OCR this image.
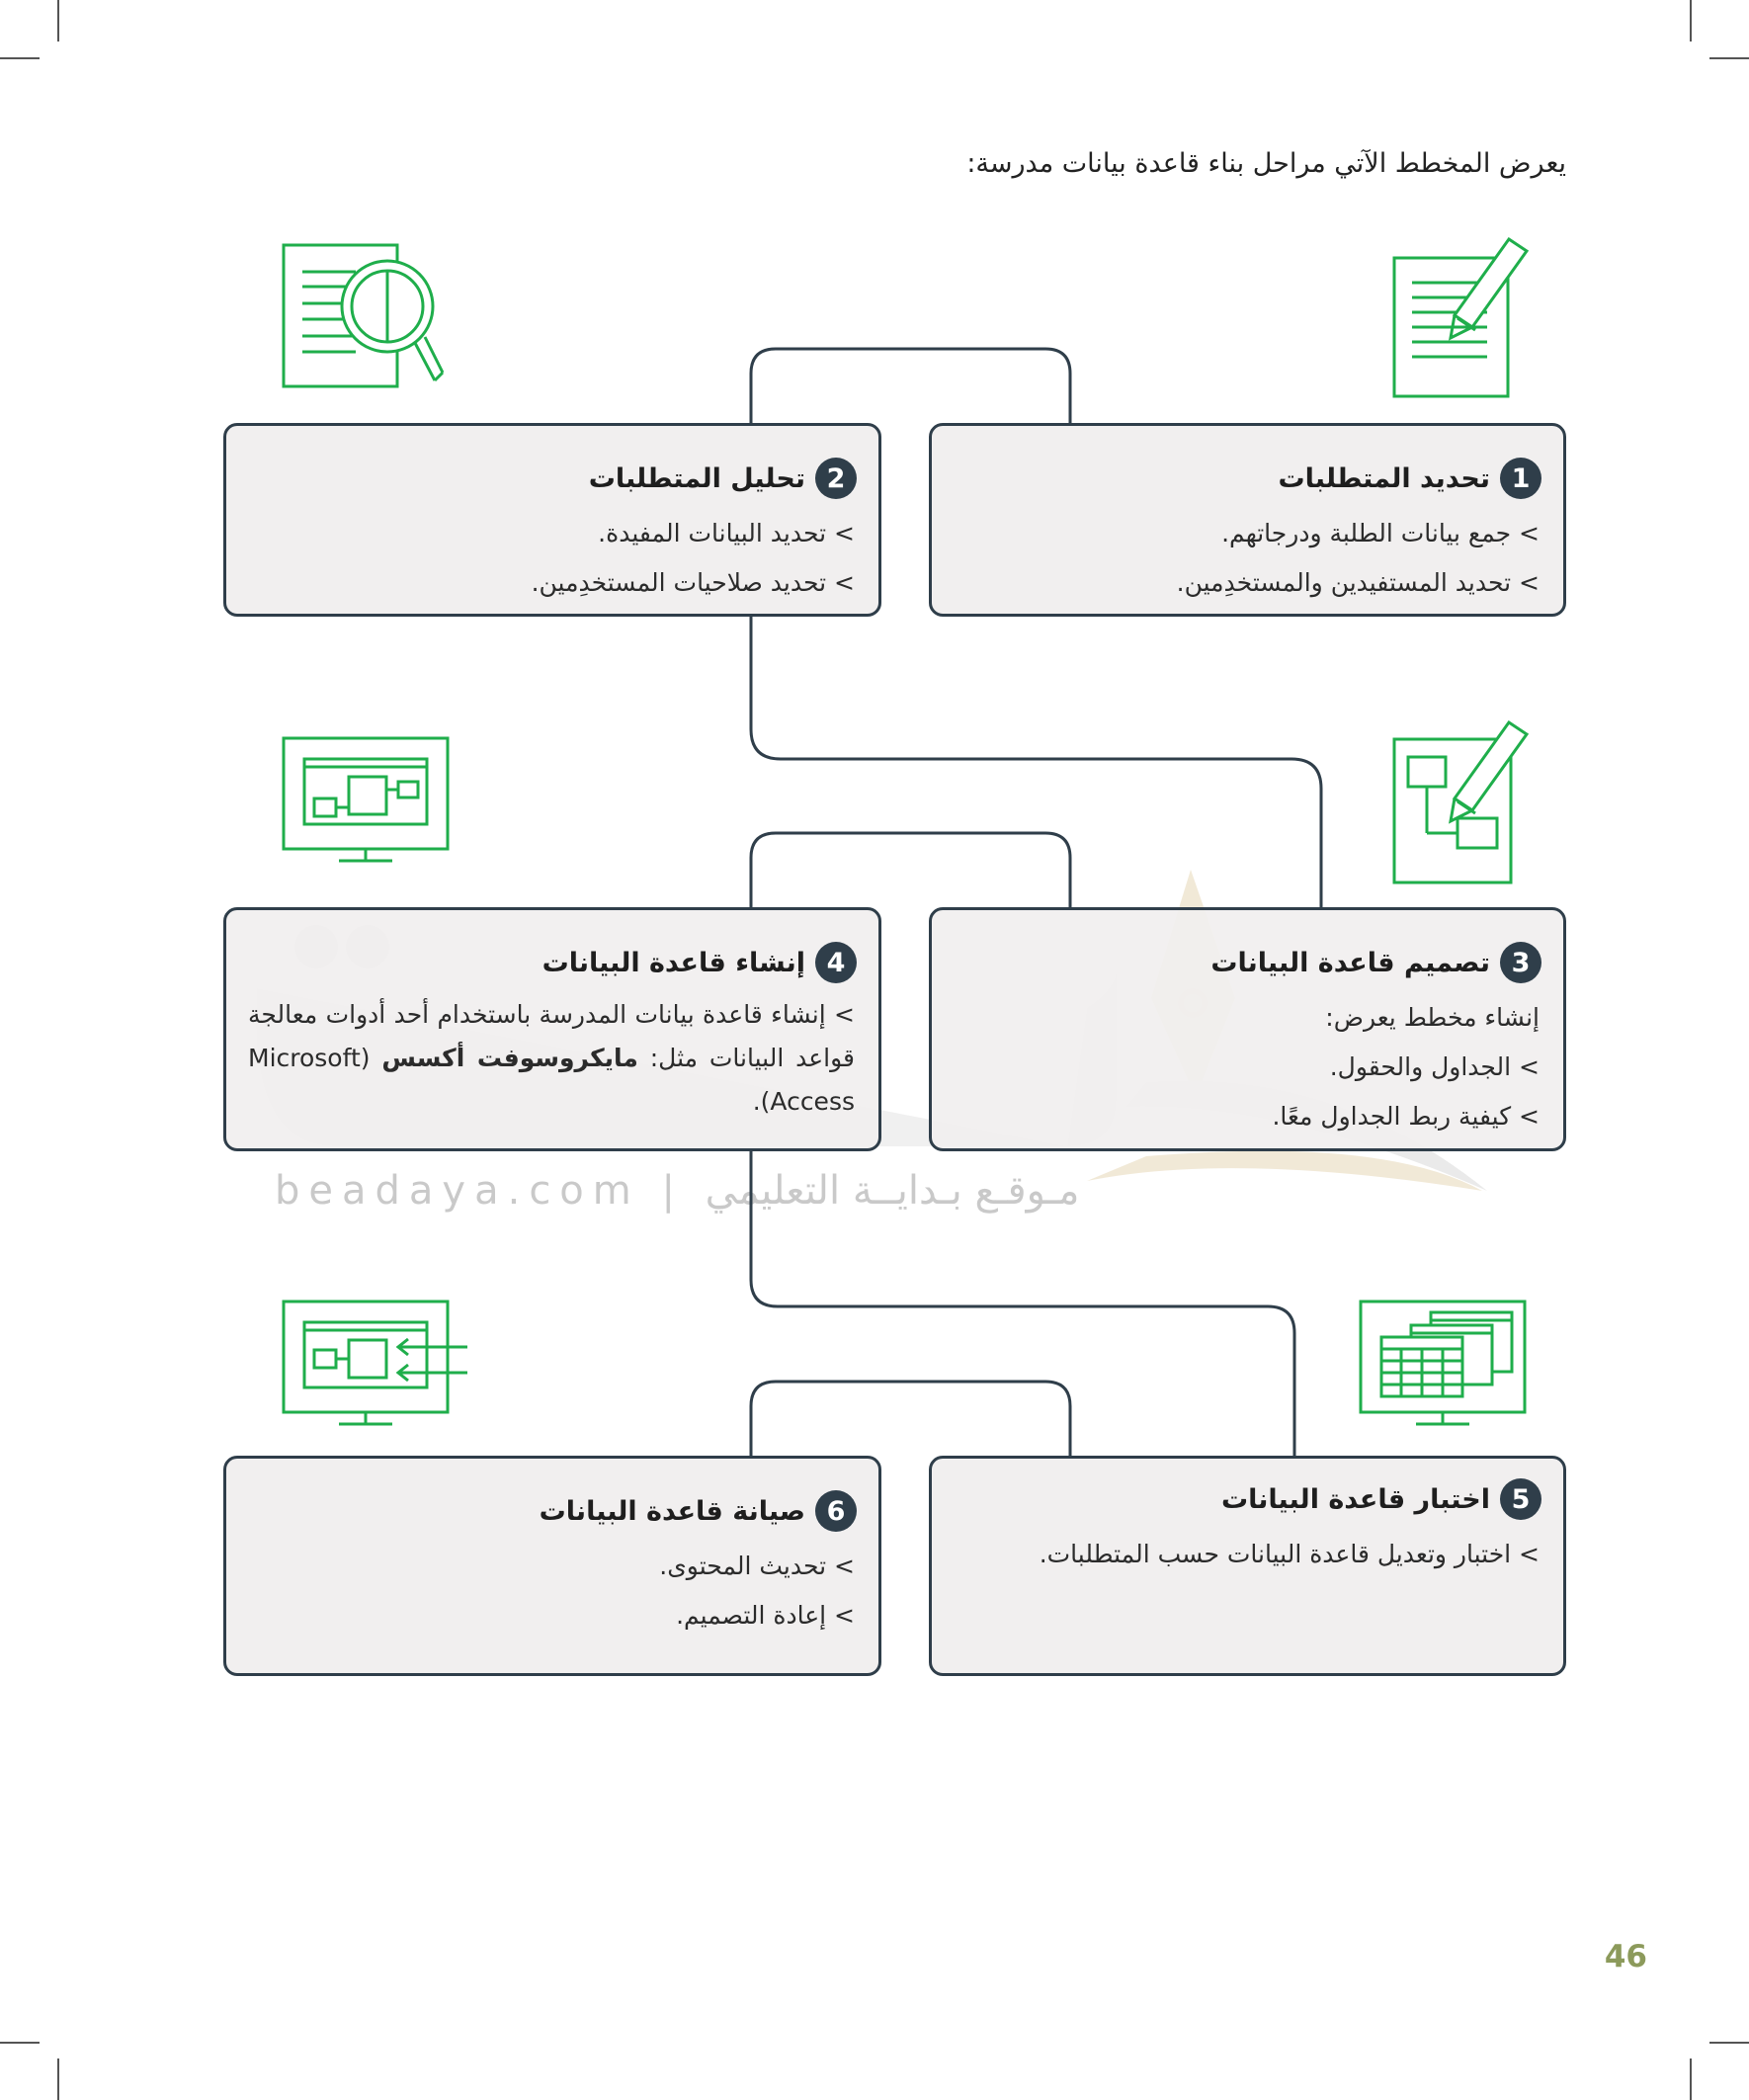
يعرض المخطط الآتي مراحل بناء قاعدة بيانات مدرسة:
beadaya.com | مـوقـع بـدايــة التعليمي
1
تحديد المتطلبات
> جمع بيانات الطلبة ودرجاتهم.
> تحديد المستفيدين والمستخدِمين.
2
تحليل المتطلبات
> تحديد البيانات المفيدة.
> تحديد صلاحيات المستخدِمين.
3
تصميم قاعدة البيانات
إنشاء مخطط يعرض:
> الجداول والحقول.
> كيفية ربط الجداول معًا.
4
إنشاء قاعدة البيانات
> إنشاء قاعدة بيانات المدرسة باستخدام أحد أدوات معالجة قواعد البيانات مثل: مايكروسوفت أكسس (Microsoft Access).
5
اختبار قاعدة البيانات
> اختبار وتعديل قاعدة البيانات حسب المتطلبات.
6
صيانة قاعدة البيانات
> تحديث المحتوى.
> إعادة التصميم.
46
